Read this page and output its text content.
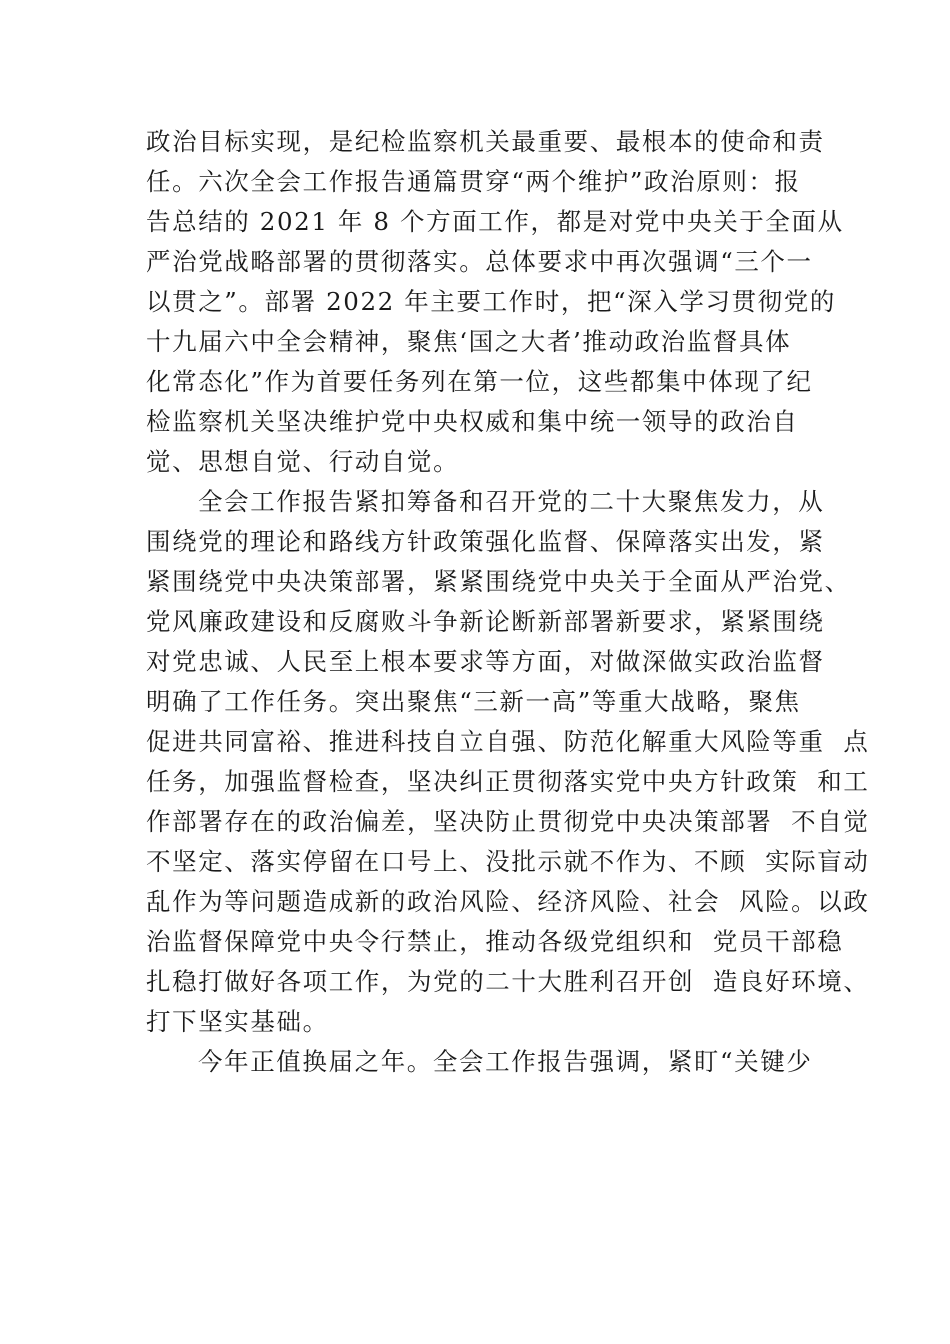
政治目标实现，是纪检监察机关最重要、最根本的使命和责
任。六次全会工作报告通篇贯穿“两个维护”政治原则：报
告总结的 2021 年 8 个方面工作，都是对党中央关于全面从
严治党战略部署的贯彻落实。总体要求中再次强调“三个一
以贯之”。部署 2022 年主要工作时，把“深入学习贯彻党的
十九届六中全会精神，聚焦‘国之大者’推动政治监督具体
化常态化”作为首要任务列在第一位，这些都集中体现了纪
检监察机关坚决维护党中央权威和集中统一领导的政治自
觉、思想自觉、行动自觉。
全会工作报告紧扣筹备和召开党的二十大聚焦发力，从
围绕党的理论和路线方针政策强化监督、保障落实出发，紧
紧围绕党中央决策部署，紧紧围绕党中央关于全面从严治党、
党风廉政建设和反腐败斗争新论断新部署新要求，紧紧围绕
对党忠诚、人民至上根本要求等方面，对做深做实政治监督
明确了工作任务。突出聚焦“三新一高”等重大战略，聚焦
促进共同富裕、推进科技自立自强、防范化解重大风险等重  点
任务，加强监督检查，坚决纠正贯彻落实党中央方针政策  和工
作部署存在的政治偏差，坚决防止贯彻党中央决策部署  不自觉
不坚定、落实停留在口号上、没批示就不作为、不顾  实际盲动
乱作为等问题造成新的政治风险、经济风险、社会  风险。以政
治监督保障党中央令行禁止，推动各级党组织和  党员干部稳
扎稳打做好各项工作，为党的二十大胜利召开创  造良好环境、
打下坚实基础。
今年正值换届之年。全会工作报告强调，紧盯“关键少
